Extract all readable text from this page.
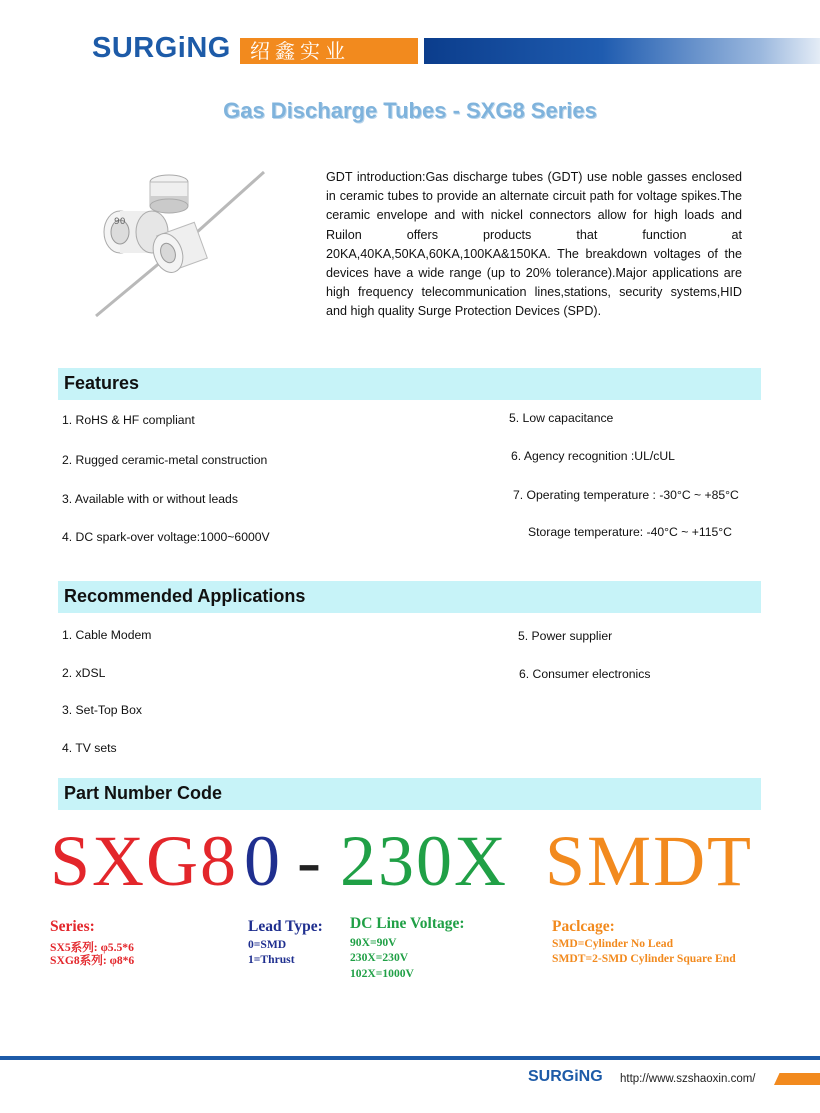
SURGiNG 绍鑫实业
Gas Discharge Tubes - SXG8 Series
90
GDT introduction:Gas discharge tubes (GDT) use noble gasses enclosed in ceramic tubes to provide an alternate circuit path for voltage spikes.The ceramic envelope and with nickel connectors allow for high loads and Ruilon offers products that function at 20KA,40KA,50KA,60KA,100KA&150KA. The breakdown voltages of the devices have a wide range (up to 20% tolerance).Major applications are high frequency telecommunication lines,stations, security systems,HID and high quality Surge Protection Devices (SPD).
Features
1. RoHS & HF compliant
2. Rugged ceramic-metal construction
3. Available with or without leads
4. DC spark-over voltage:1000~6000V
5. Low capacitance
6. Agency recognition :UL/cUL
7. Operating temperature : -30°C ~ +85°C
Storage temperature: -40°C ~ +115°C
Recommended Applications
1. Cable Modem
2. xDSL
3. Set-Top Box
4. TV sets
5. Power supplier
6. Consumer electronics
Part Number Code
SXG8 0 - 230X SMDT
Series:
SX5系列: φ5.5*6
SXG8系列: φ8*6
Lead Type:
0=SMD
1=Thrust
DC Line Voltage:
90X=90V
230X=230V
102X=1000V
Paclcage:
SMD=Cylinder No Lead
SMDT=2-SMD Cylinder Square End
SURGiNG http://www.szshaoxin.com/
